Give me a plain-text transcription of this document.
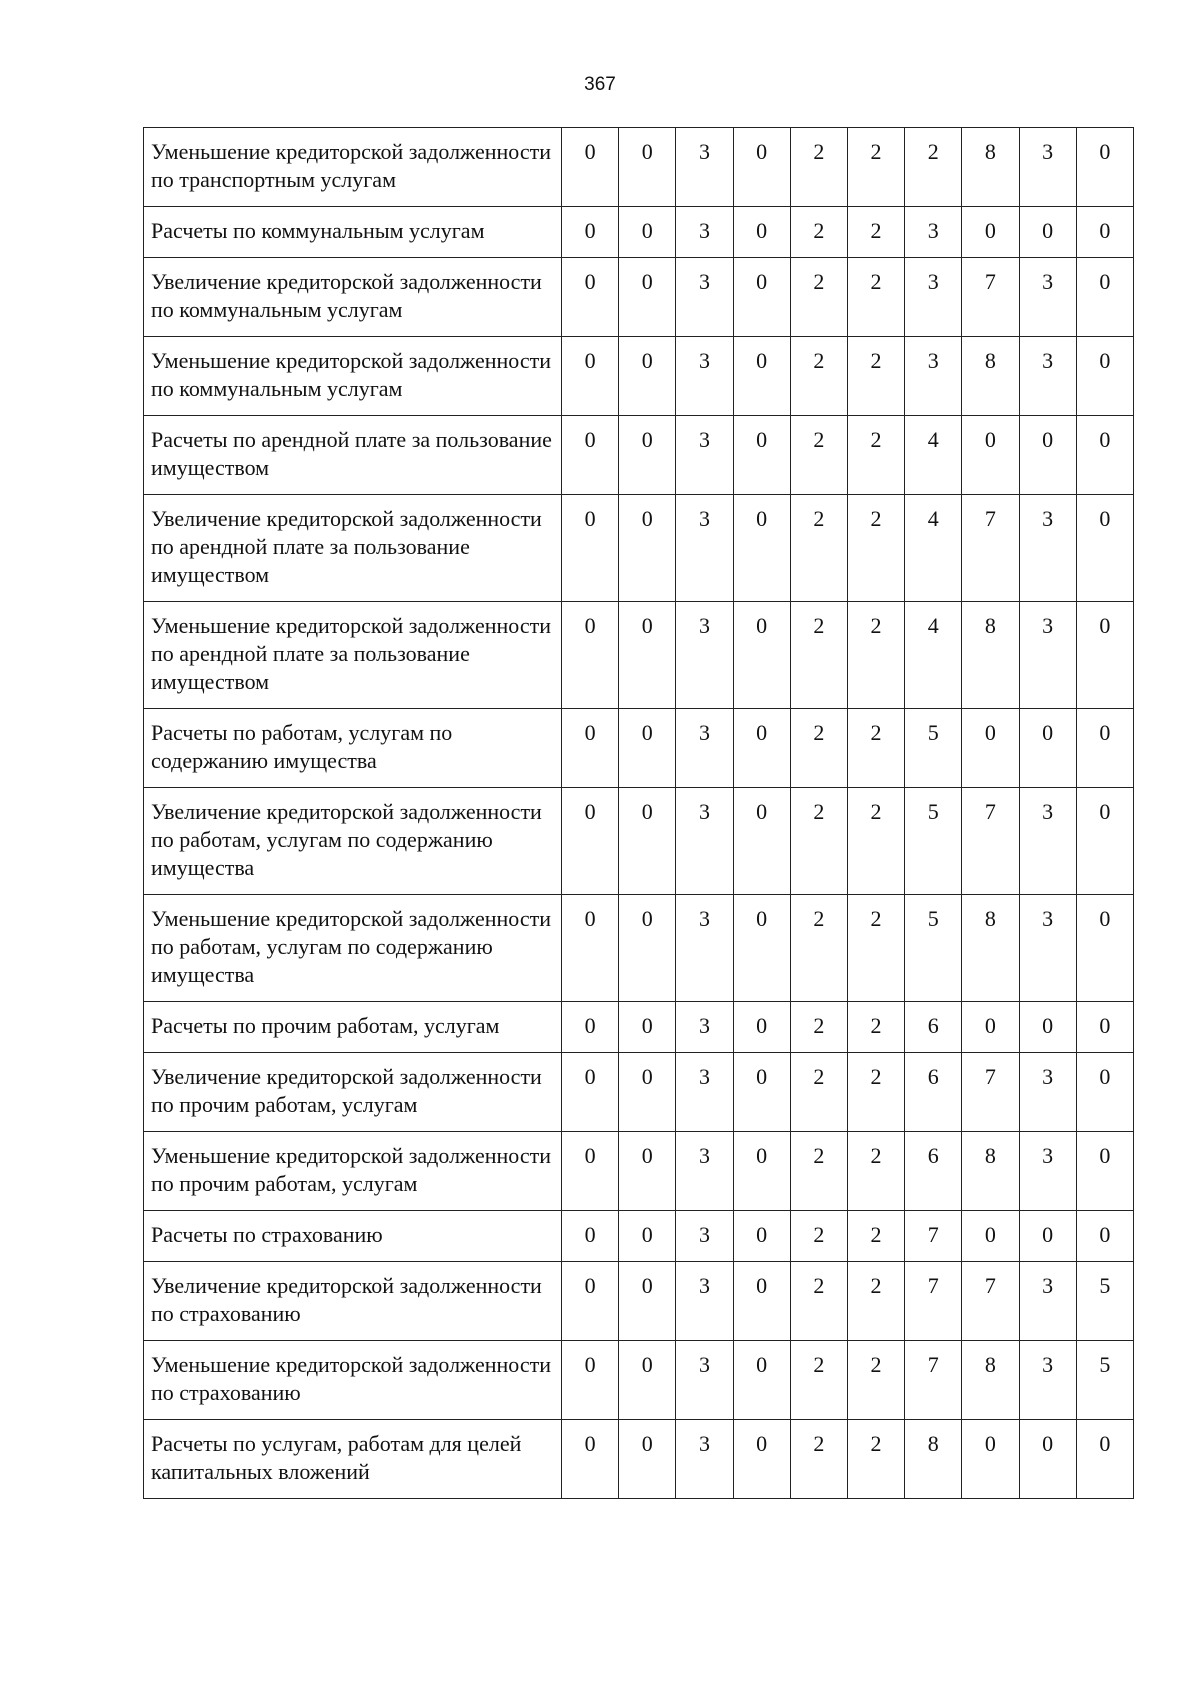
367
Уменьшение кредиторской задолженности по транспортным услугам	0	0	3	0	2	2	2	8	3	0
Расчеты по коммунальным услугам	0	0	3	0	2	2	3	0	0	0
Увеличение кредиторской задолженности по коммунальным услугам	0	0	3	0	2	2	3	7	3	0
Уменьшение кредиторской задолженности по коммунальным услугам	0	0	3	0	2	2	3	8	3	0
Расчеты по арендной плате за пользование имуществом	0	0	3	0	2	2	4	0	0	0
Увеличение кредиторской задолженности по арендной плате за пользование имуществом	0	0	3	0	2	2	4	7	3	0
Уменьшение кредиторской задолженности по арендной плате за пользование имуществом	0	0	3	0	2	2	4	8	3	0
Расчеты по работам, услугам по содержанию имущества	0	0	3	0	2	2	5	0	0	0
Увеличение кредиторской задолженности по работам, услугам по содержанию имущества	0	0	3	0	2	2	5	7	3	0
Уменьшение кредиторской задолженности по работам, услугам по содержанию имущества	0	0	3	0	2	2	5	8	3	0
Расчеты по прочим работам, услугам	0	0	3	0	2	2	6	0	0	0
Увеличение кредиторской задолженности по прочим работам, услугам	0	0	3	0	2	2	6	7	3	0
Уменьшение кредиторской задолженности по прочим работам, услугам	0	0	3	0	2	2	6	8	3	0
Расчеты по страхованию	0	0	3	0	2	2	7	0	0	0
Увеличение кредиторской задолженности по страхованию	0	0	3	0	2	2	7	7	3	5
Уменьшение кредиторской задолженности по страхованию	0	0	3	0	2	2	7	8	3	5
Расчеты по услугам, работам для целей капитальных вложений	0	0	3	0	2	2	8	0	0	0
